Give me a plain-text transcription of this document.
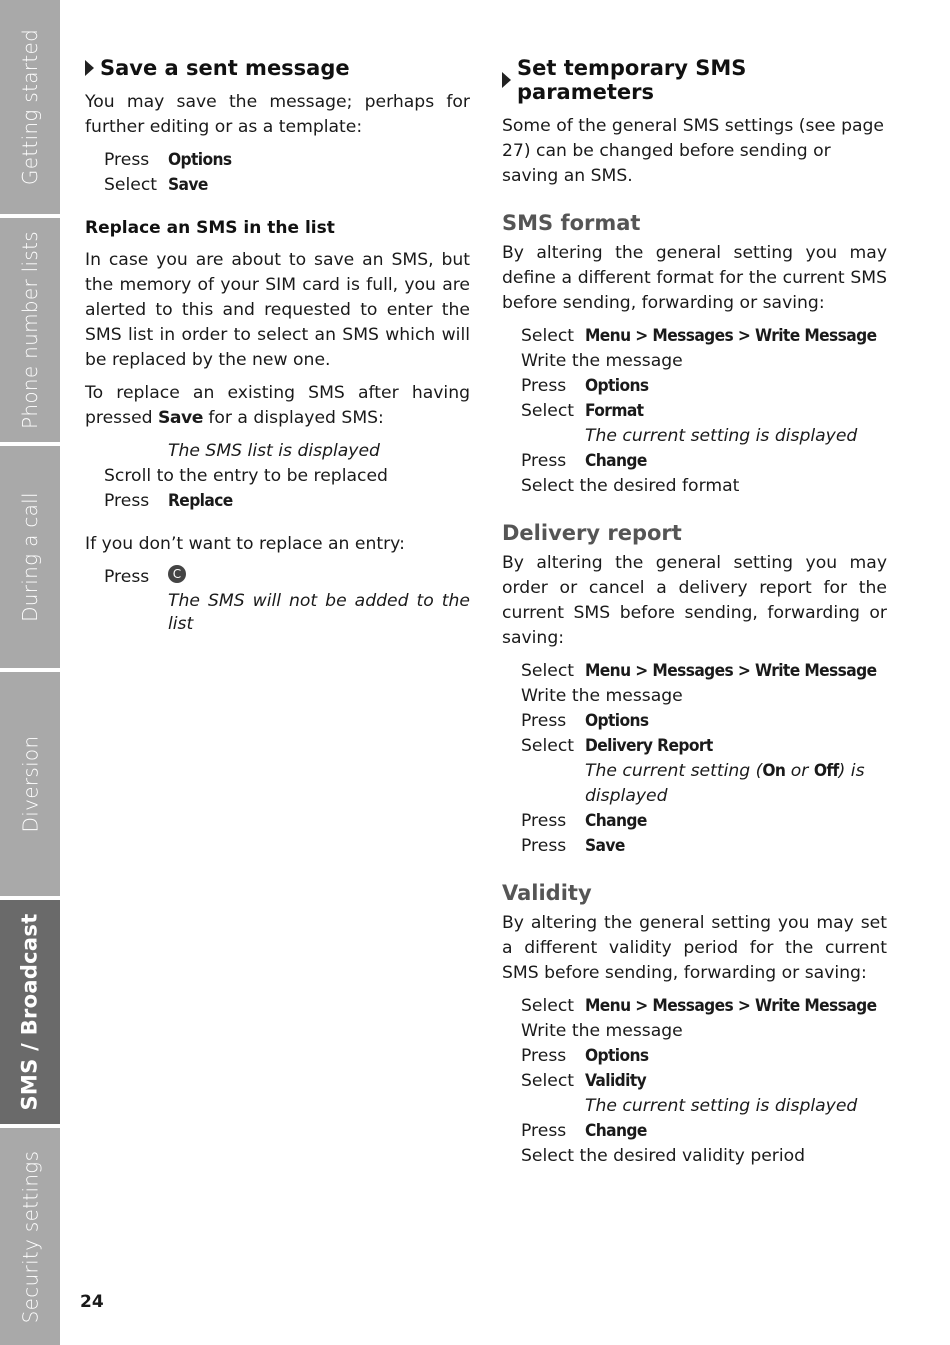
Getting started
Phone number lists
During a call
Diversion
SMS / Broadcast
Security settings
Save a sent message

You may save the message; perhaps for further editing or as a template:

Press	Options
Select Save
Replace an SMS in the list

In case you are about to save an SMS, but the memory of your SIM card is full, you are alerted to this and requested to enter the SMS list in order to select an SMS which will be replaced by the new one.

To replace an existing SMS after having pressed Save for a displayed SMS:

The SMS list is displayed
Scroll to the entry to be replaced
Press	Replace

If you don’t want to replace an entry:

Press	C
The SMS will not be added to the list
Set temporary SMS parameters

Some of the general SMS settings (see page 27) can be changed before sending or saving an SMS.

SMS format

By altering the general setting you may define a different format for the current SMS before sending, forwarding or saving:

Select Menu > Messages > Write Message
Write the message
Press	Options
Select Format
The current setting is displayed
Press	Change
Select the desired format
Delivery report

By altering the general setting you may order or cancel a delivery report for the current SMS before sending, forwarding or saving:

Select Menu > Messages > Write Message
Write the message
Press	Options
Select Delivery Report
The current setting (On or Off) is displayed
Press	Change
Press	Save
Validity

By altering the general setting you may set a different validity period for the current SMS before sending, forwarding or saving:

Select Menu > Messages > Write Message
Write the message
Press	Options
Select Validity
The current setting is displayed
Press	Change
Select the desired validity period
24
